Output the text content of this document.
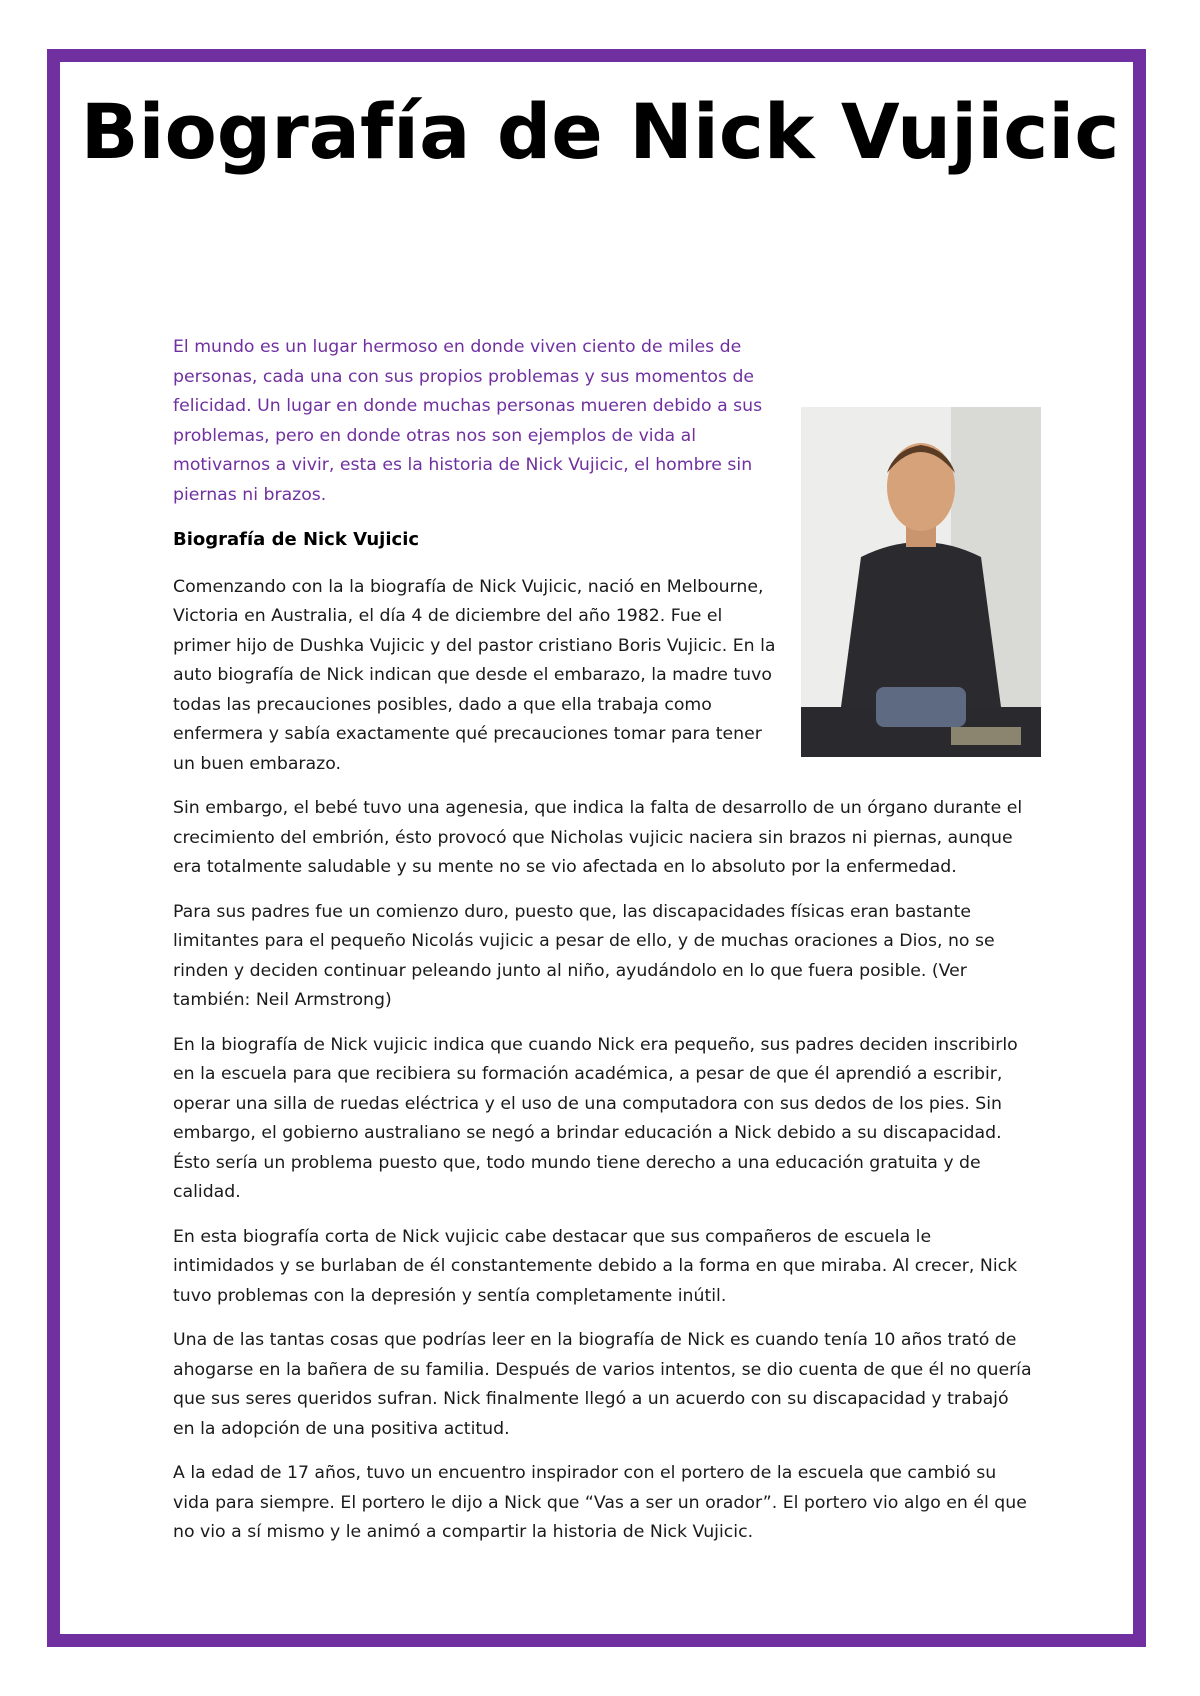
Biografía de Nick Vujicic

El mundo es un lugar hermoso en donde viven ciento de miles de personas, cada una con sus propios problemas y sus momentos de felicidad. Un lugar en donde muchas personas mueren debido a sus problemas, pero en donde otras nos son ejemplos de vida al motivarnos a vivir, esta es la historia de Nick Vujicic, el hombre sin piernas ni brazos.

Biografía de Nick Vujicic

Comenzando con la la biografía de Nick Vujicic, nació en Melbourne, Victoria en Australia, el día 4 de diciembre del año 1982. Fue el primer hijo de Dushka Vujicic y del pastor cristiano Boris Vujicic. En la auto biografía de Nick indican que desde el embarazo, la madre tuvo todas las precauciones posibles, dado a que ella trabaja como enfermera y sabía exactamente qué precauciones tomar para tener un buen embarazo.

Sin embargo, el bebé tuvo una agenesia, que indica la falta de desarrollo de un órgano durante el crecimiento del embrión, ésto provocó que Nicholas vujicic naciera sin brazos ni piernas, aunque era totalmente saludable y su mente no se vio afectada en lo absoluto por la enfermedad.

Para sus padres fue un comienzo duro, puesto que, las discapacidades físicas eran bastante limitantes para el pequeño Nicolás vujicic a pesar de ello, y de muchas oraciones a Dios, no se rinden y deciden continuar peleando junto al niño, ayudándolo en lo que fuera posible. (Ver también: Neil Armstrong)

En la biografía de Nick vujicic indica que cuando Nick era pequeño, sus padres deciden inscribirlo en la escuela para que recibiera su formación académica, a pesar de que él aprendió a escribir, operar una silla de ruedas eléctrica y el uso de una computadora con sus dedos de los pies. Sin embargo, el gobierno australiano se negó a brindar educación a Nick debido a su discapacidad. Ésto sería un problema puesto que, todo mundo tiene derecho a una educación gratuita y de calidad.

En esta biografía corta de Nick vujicic cabe destacar que sus compañeros de escuela le intimidados y se burlaban de él constantemente debido a la forma en que miraba. Al crecer, Nick tuvo problemas con la depresión y sentía completamente inútil.

Una de las tantas cosas que podrías leer en la biografía de Nick es cuando tenía 10 años trató de ahogarse en la bañera de su familia. Después de varios intentos, se dio cuenta de que él no quería que sus seres queridos sufran. Nick finalmente llegó a un acuerdo con su discapacidad y trabajó en la adopción de una positiva actitud.

A la edad de 17 años, tuvo un encuentro inspirador con el portero de la escuela que cambió su vida para siempre. El portero le dijo a Nick que “Vas a ser un orador”. El portero vio algo en él que no vio a sí mismo y le animó a compartir la historia de Nick Vujicic.
